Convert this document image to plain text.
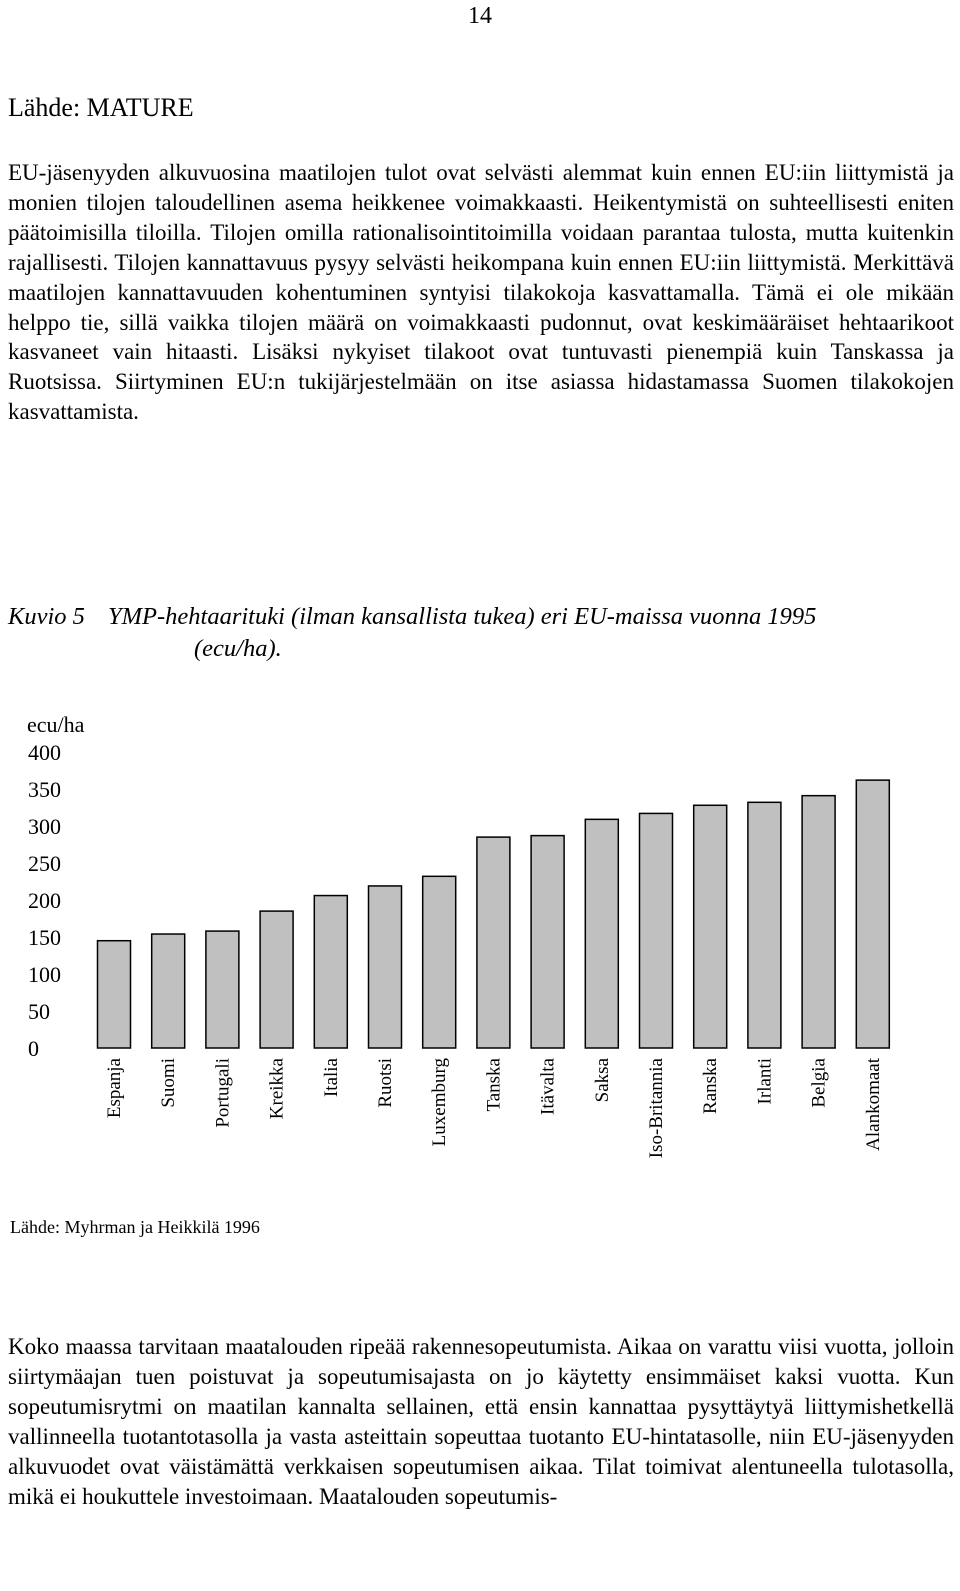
14
Lähde: MATURE

EU-jäsenyyden alkuvuosina maatilojen tulot ovat selvästi alemmat kuin ennen EU:iin liittymistä ja monien tilojen taloudellinen asema heikkenee voimakkaasti. Heikentymistä on suhteellisesti eniten päätoimisilla tiloilla. Tilojen omilla rationalisointitoimilla voidaan parantaa tulosta, mutta kuitenkin rajallisesti. Tilojen kannattavuus pysyy selvästi heikompana kuin ennen EU:iin liittymistä. Merkittävä maatilojen kannattavuuden kohentuminen syntyisi tilakokoja kasvattamalla. Tämä ei ole mikään helppo tie, sillä vaikka tilojen määrä on voimakkaasti pudonnut, ovat keskimääräiset hehtaarikoot kasvaneet vain hitaasti. Lisäksi nykyiset tilakoot ovat tuntuvasti pienempiä kuin Tanskassa ja Ruotsissa. Siirtyminen EU:n tukijärjestelmään on itse asiassa hidastamassa Suomen tilakokojen kasvattamista.

Kuvio 5 YMP-hehtaarituki (ilman kansallista tukea) eri EU-maissa vuonna 1995
(ecu/ha).
ecu/ha
0
50
100
150
200
250
300
350
400
Espanja Suomi Portugali Kreikka Italia Ruotsi Luxemburg Tanska Itävalta Saksa Iso-Britannia Ranska Irlanti Belgia Alankomaat
Lähde: Myhrman ja Heikkilä 1996

Koko maassa tarvitaan maatalouden ripeää rakennesopeutumista. Aikaa on varattu viisi vuotta, jolloin siirtymäajan tuen poistuvat ja sopeutumisajasta on jo käytetty ensimmäiset kaksi vuotta. Kun sopeutumisrytmi on maatilan kannalta sellainen, että ensin kannattaa pysyttäytyä liittymishetkellä vallinneella tuotantotasolla ja vasta asteittain sopeuttaa tuotanto EU-hintatasolle, niin EU-jäsenyyden alkuvuodet ovat väistämättä verkkaisen sopeutumisen aikaa. Tilat toimivat alentuneella tulotasolla, mikä ei houkuttele investoimaan. Maatalouden sopeutumis-
